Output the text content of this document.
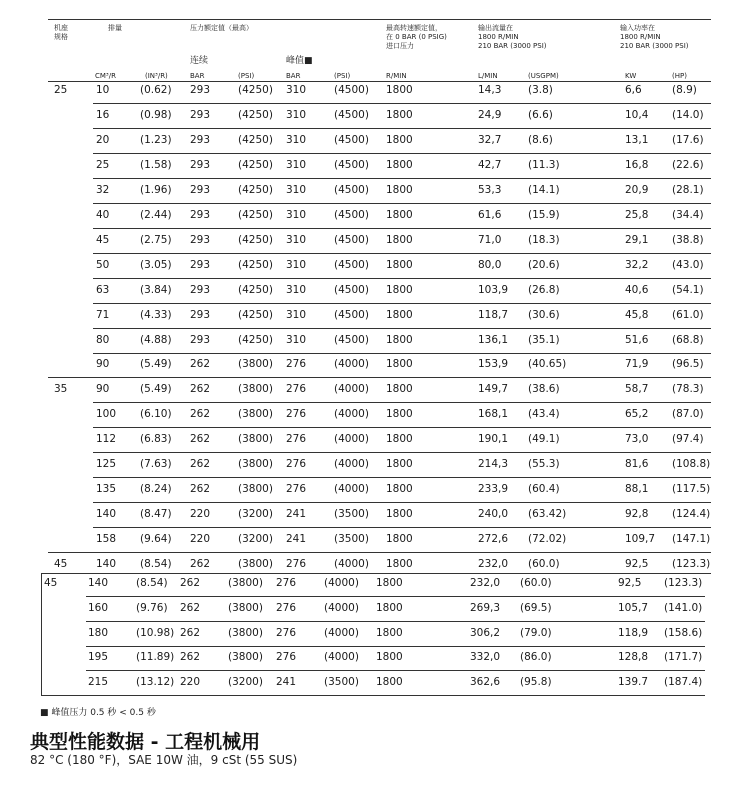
机座
规格
排量	压力额定值（最高）
连续	峰值■
最高转速额定值，
在 0 BAR (0 PSIG)
进口压力
输出流量在
1800 R/MIN
210 BAR (3000 PSI)
输入功率在
1800 R/MIN
210 BAR (3000 PSI)
CM³/R	(IN³/R)	BAR	(PSI)	BAR	(PSI)	R/MIN	L/MIN	(USGPM)	KW	(HP)
25	10	(0.62) 293	(4250) 310	(4500) 1800	14,3	(3.8)	6,6	(8.9)
16	(0.98) 293	(4250) 310	(4500) 1800	24,9	(6.6)	10,4 (14.0)
20	(1.23) 293	(4250) 310	(4500) 1800	32,7	(8.6)	13,1 (17.6)
25	(1.58) 293	(4250) 310	(4500) 1800	42,7	(11.3)	16,8 (22.6)
32	(1.96) 293	(4250) 310	(4500) 1800	53,3	(14.1)	20,9 (28.1)
40	(2.44) 293	(4250) 310	(4500) 1800	61,6	(15.9)	25,8 (34.4)
45	(2.75) 293	(4250) 310	(4500) 1800	71,0	(18.3)	29,1 (38.8)
50	(3.05) 293	(4250) 310	(4500) 1800	80,0	(20.6)	32,2 (43.0)
63	(3.84) 293	(4250) 310	(4500) 1800	103,9 (26.8)	40,6 (54.1)
71	(4.33) 293	(4250) 310	(4500) 1800	118,7 (30.6)	45,8 (61.0)
80	(4.88) 293	(4250) 310	(4500) 1800	136,1 (35.1)	51,6 (68.8)
90	(5.49) 262	(3800) 276	(4000) 1800	153,9 (40.65)	71,9 (96.5)
35	90	(5.49) 262	(3800) 276	(4000) 1800	149,7 (38.6)	58,7 (78.3)
100 (6.10) 262	(3800) 276	(4000) 1800	168,1 (43.4)	65,2 (87.0)
112 (6.83) 262	(3800) 276	(4000) 1800	190,1 (49.1)	73,0 (97.4)
125 (7.63) 262	(3800) 276	(4000) 1800	214,3 (55.3)	81,6 (108.8)
135 (8.24) 262	(3800) 276	(4000) 1800	233,9 (60.4)	88,1 (117.5)
140 (8.47) 220	(3200) 241	(3500) 1800	240,0 (63.42)	92,8 (124.4)
158 (9.64) 220	(3200) 241	(3500) 1800	272,6 (72.02)	109,7 (147.1)
45	140 (8.54) 262	(3800) 276	(4000) 1800	232,0 (60.0)	92,5 (123.3)
45	140	(8.54) 262	(3800) 276	(4000) 1800	232,0 (60.0)	92,5 (123.3)
160	(9.76) 262	(3800) 276	(4000) 1800	269,3 (69.5)	105,7 (141.0)
180	(10.98) 262	(3800) 276	(4000) 1800	306,2 (79.0)	118,9 (158.6)
195	(11.89) 262	(3800) 276	(4000) 1800	332,0 (86.0)	128,8 (171.7)
215	(13.12) 220	(3200) 241	(3500) 1800	362,6 (95.8)	139.7 (187.4)
■ 峰值压力 0.5 秒 < 0.5 秒
典型性能数据 - 工程机械用
82 °C (180 °F)，SAE 10W 油，9 cSt (55 SUS)
